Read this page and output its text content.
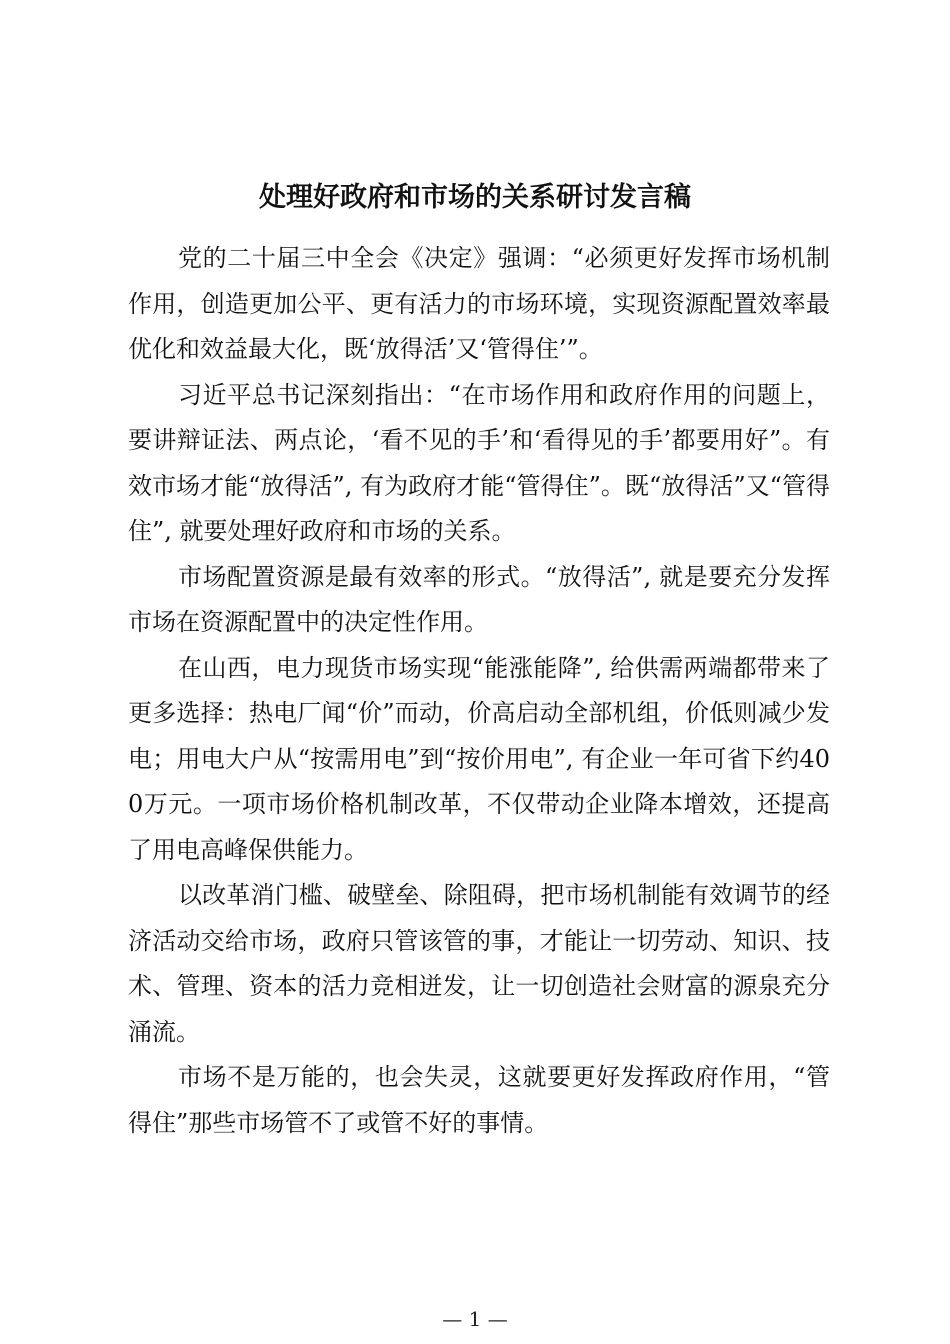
处理好政府和市场的关系研讨发言稿

党的二十届三中全会《决定》强调：“必须更好发挥市场机制作用，创造更加公平、更有活力的市场环境，实现资源配置效率最优化和效益最大化，既‘放得活’又‘管得住’”。

习近平总书记深刻指出：“在市场作用和政府作用的问题上，要讲辩证法、两点论，‘看不见的手’和‘看得见的手’都要用好”。有效市场才能“放得活”, 有为政府才能“管得住”。既“放得活”又“管得住”, 就要处理好政府和市场的关系。

市场配置资源是最有效率的形式。“放得活”, 就是要充分发挥市场在资源配置中的决定性作用。

在山西，电力现货市场实现“能涨能降”, 给供需两端都带来了更多选择：热电厂闻“价”而动，价高启动全部机组，价低则减少发电；用电大户从“按需用电”到“按价用电”, 有企业一年可省下约400万元。一项市场价格机制改革，不仅带动企业降本增效，还提高了用电高峰保供能力。

以改革消门槛、破壁垒、除阻碍，把市场机制能有效调节的经济活动交给市场，政府只管该管的事，才能让一切劳动、知识、技术、管理、资本的活力竞相迸发，让一切创造社会财富的源泉充分涌流。

市场不是万能的，也会失灵，这就要更好发挥政府作用，“管得住”那些市场管不了或管不好的事情。

— 1 —
